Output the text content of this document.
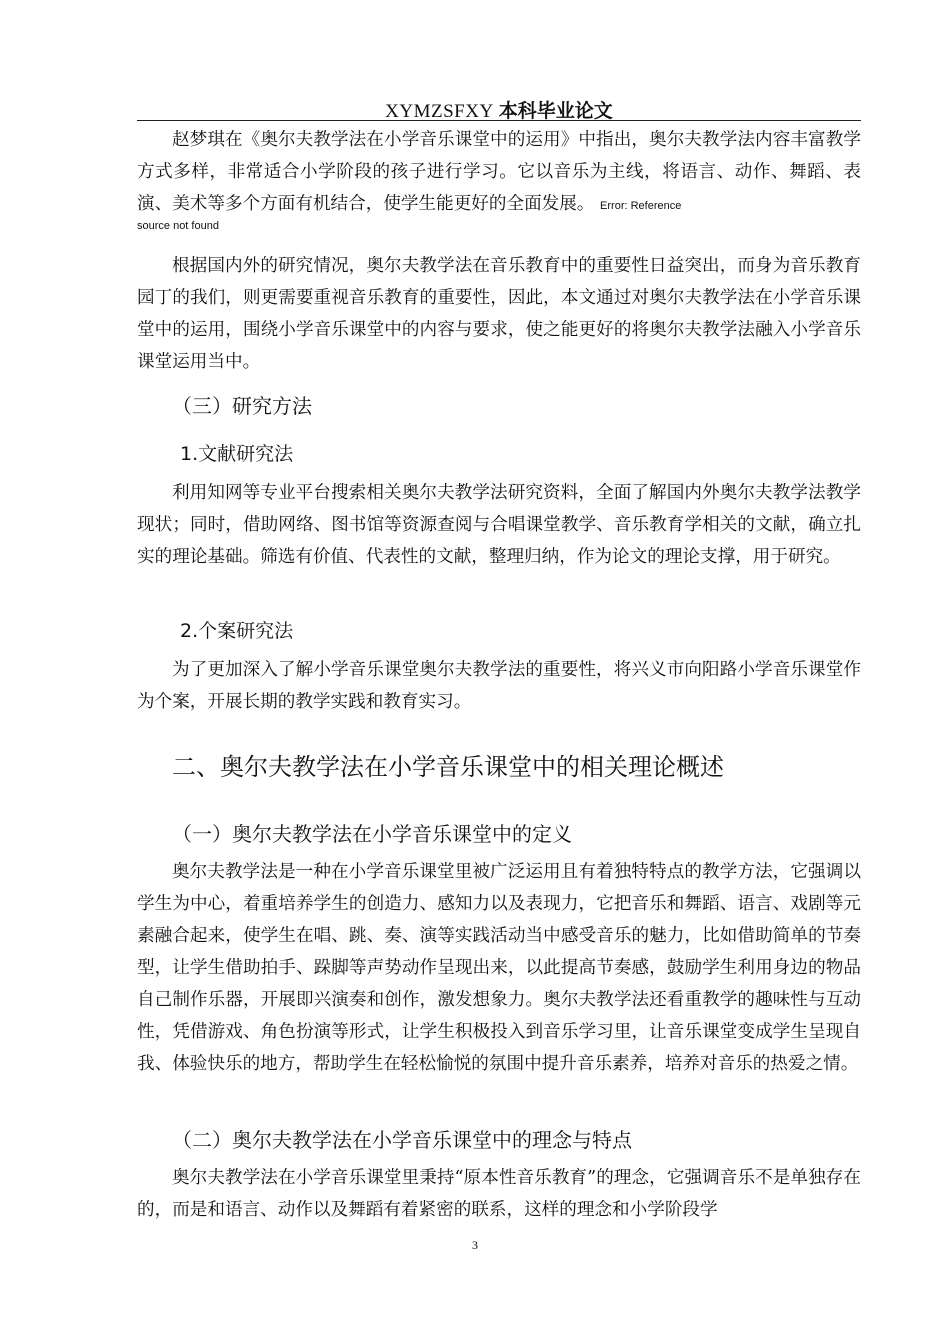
XYMZSFXY 本科毕业论文

赵梦琪在《奥尔夫教学法在小学音乐课堂中的运用》中指出，奥尔夫教学法内容丰富教学方式多样，非常适合小学阶段的孩子进行学习。它以音乐为主线，将语言、动作、舞蹈、表演、美术等多个方面有机结合，使学生能更好的全面发展。 Error: Reference

source not found

根据国内外的研究情况，奥尔夫教学法在音乐教育中的重要性日益突出，而身为音乐教育园丁的我们，则更需要重视音乐教育的重要性，因此，本文通过对奥尔夫教学法在小学音乐课堂中的运用，围绕小学音乐课堂中的内容与要求，使之能更好的将奥尔夫教学法融入小学音乐课堂运用当中。

（三）研究方法
1.文献研究法

利用知网等专业平台搜索相关奥尔夫教学法研究资料，全面了解国内外奥尔夫教学法教学现状；同时，借助网络、图书馆等资源查阅与合唱课堂教学、音乐教育学相关的文献，确立扎实的理论基础。筛选有价值、代表性的文献，整理归纳，作为论文的理论支撑，用于研究。

2.个案研究法

为了更加深入了解小学音乐课堂奥尔夫教学法的重要性，将兴义市向阳路小学音乐课堂作为个案，开展长期的教学实践和教育实习。

二、奥尔夫教学法在小学音乐课堂中的相关理论概述
（一）奥尔夫教学法在小学音乐课堂中的定义

奥尔夫教学法是一种在小学音乐课堂里被广泛运用且有着独特特点的教学方法，它强调以学生为中心，着重培养学生的创造力、感知力以及表现力，它把音乐和舞蹈、语言、戏剧等元素融合起来，使学生在唱、跳、奏、演等实践活动当中感受音乐的魅力，比如借助简单的节奏型，让学生借助拍手、跺脚等声势动作呈现出来，以此提高节奏感，鼓励学生利用身边的物品自己制作乐器，开展即兴演奏和创作，激发想象力。奥尔夫教学法还看重教学的趣味性与互动性，凭借游戏、角色扮演等形式，让学生积极投入到音乐学习里，让音乐课堂变成学生呈现自我、体验快乐的地方，帮助学生在轻松愉悦的氛围中提升音乐素养，培养对音乐的热爱之情。

（二）奥尔夫教学法在小学音乐课堂中的理念与特点

奥尔夫教学法在小学音乐课堂里秉持“原本性音乐教育”的理念，它强调音乐不是单独存在的，而是和语言、动作以及舞蹈有着紧密的联系，这样的理念和小学阶段学

3
